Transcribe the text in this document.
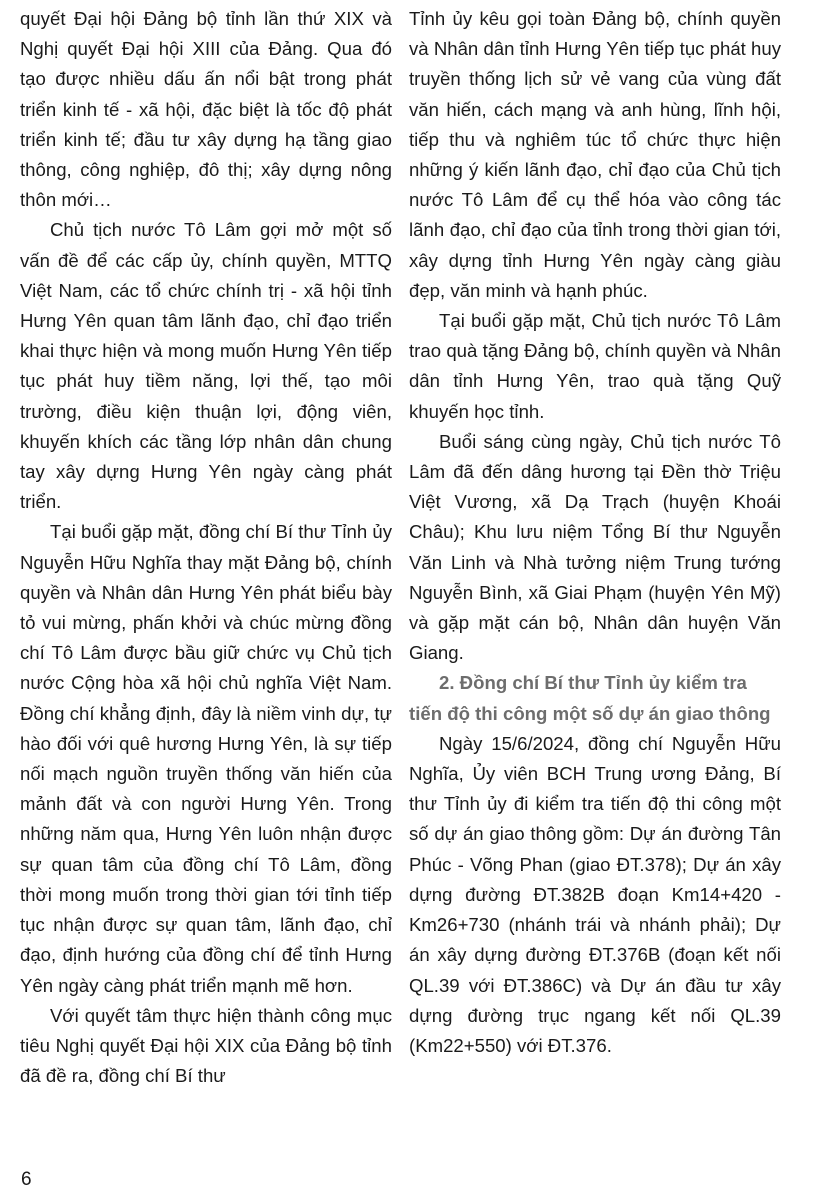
quyết Đại hội Đảng bộ tỉnh lần thứ XIX và Nghị quyết Đại hội XIII của Đảng. Qua đó tạo được nhiều dấu ấn nổi bật trong phát triển kinh tế - xã hội, đặc biệt là tốc độ phát triển kinh tế; đầu tư xây dựng hạ tầng giao thông, công nghiệp, đô thị; xây dựng nông thôn mới…

Chủ tịch nước Tô Lâm gợi mở một số vấn đề để các cấp ủy, chính quyền, MTTQ Việt Nam, các tổ chức chính trị - xã hội tỉnh Hưng Yên quan tâm lãnh đạo, chỉ đạo triển khai thực hiện và mong muốn Hưng Yên tiếp tục phát huy tiềm năng, lợi thế, tạo môi trường, điều kiện thuận lợi, động viên, khuyến khích các tầng lớp nhân dân chung tay xây dựng Hưng Yên ngày càng phát triển.

Tại buổi gặp mặt, đồng chí Bí thư Tỉnh ủy Nguyễn Hữu Nghĩa thay mặt Đảng bộ, chính quyền và Nhân dân Hưng Yên phát biểu bày tỏ vui mừng, phấn khởi và chúc mừng đồng chí Tô Lâm được bầu giữ chức vụ Chủ tịch nước Cộng hòa xã hội chủ nghĩa Việt Nam. Đồng chí khẳng định, đây là niềm vinh dự, tự hào đối với quê hương Hưng Yên, là sự tiếp nối mạch nguồn truyền thống văn hiến của mảnh đất và con người Hưng Yên. Trong những năm qua, Hưng Yên luôn nhận được sự quan tâm của đồng chí Tô Lâm, đồng thời mong muốn trong thời gian tới tỉnh tiếp tục nhận được sự quan tâm, lãnh đạo, chỉ đạo, định hướng của đồng chí để tỉnh Hưng Yên ngày càng phát triển mạnh mẽ hơn.

Với quyết tâm thực hiện thành công mục tiêu Nghị quyết Đại hội XIX của Đảng bộ tỉnh đã đề ra, đồng chí Bí thư

Tỉnh ủy kêu gọi toàn Đảng bộ, chính quyền và Nhân dân tỉnh Hưng Yên tiếp tục phát huy truyền thống lịch sử vẻ vang của vùng đất văn hiến, cách mạng và anh hùng, lĩnh hội, tiếp thu và nghiêm túc tổ chức thực hiện những ý kiến lãnh đạo, chỉ đạo của Chủ tịch nước Tô Lâm để cụ thể hóa vào công tác lãnh đạo, chỉ đạo của tỉnh trong thời gian tới, xây dựng tỉnh Hưng Yên ngày càng giàu đẹp, văn minh và hạnh phúc.

Tại buổi gặp mặt, Chủ tịch nước Tô Lâm trao quà tặng Đảng bộ, chính quyền và Nhân dân tỉnh Hưng Yên, trao quà tặng Quỹ khuyến học tỉnh.

Buổi sáng cùng ngày, Chủ tịch nước Tô Lâm đã đến dâng hương tại Đền thờ Triệu Việt Vương, xã Dạ Trạch (huyện Khoái Châu); Khu lưu niệm Tổng Bí thư Nguyễn Văn Linh và Nhà tưởng niệm Trung tướng Nguyễn Bình, xã Giai Phạm (huyện Yên Mỹ) và gặp mặt cán bộ, Nhân dân huyện Văn Giang.

2. Đồng chí Bí thư Tỉnh ủy kiểm tra tiến độ thi công một số dự án giao thông

Ngày 15/6/2024, đồng chí Nguyễn Hữu Nghĩa, Ủy viên BCH Trung ương Đảng, Bí thư Tỉnh ủy đi kiểm tra tiến độ thi công một số dự án giao thông gồm: Dự án đường Tân Phúc - Võng Phan (giao ĐT.378); Dự án xây dựng đường ĐT.382B đoạn Km14+420 - Km26+730 (nhánh trái và nhánh phải); Dự án xây dựng đường ĐT.376B (đoạn kết nối QL.39 với ĐT.386C) và Dự án đầu tư xây dựng đường trục ngang kết nối QL.39 (Km22+550) với ĐT.376.

6
